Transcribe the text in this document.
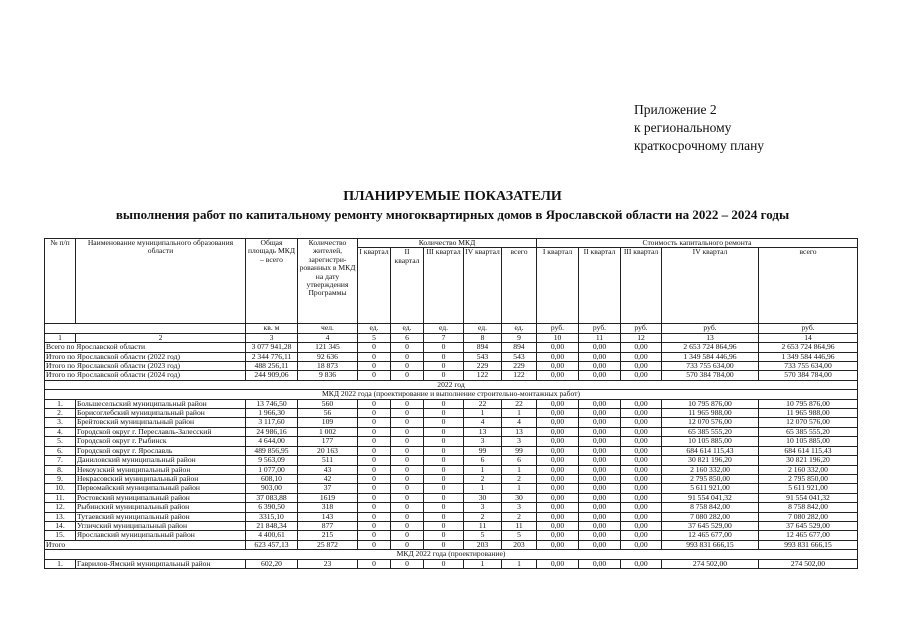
Приложение 2
к региональному
краткосрочному плану
ПЛАНИРУЕМЫЕ ПОКАЗАТЕЛИ
выполнения работ по капитальному ремонту многоквартирных домов в Ярославской области на 2022 – 2024 годы
№ п/п	Наименование муниципального образования области	Общая площадь МКД – всего	Количество жителей, зарегистри-рованных в МКД на дату утверждения Программы	Количество МКД					Стоимость капитального ремонта				
				I квартал	II квартал	III квартал	IV квартал	всего	I квартал	II квартал	III квартал	IV квартал	всего
		кв. м	чел.	ед.	ед.	ед.	ед.	ед.	руб.	руб.	руб.	руб.	руб.
1	2	3	4	5	6	7	8	9	10	11	12	13	14
Всего по Ярославской области		3 077 941,28	121 345	0	0	0	894	894	0,00	0,00	0,00	2 653 724 864,96	2 653 724 864,96
Итого по Ярославской области (2022 год)		2 344 776,11	92 636	0	0	0	543	543	0,00	0,00	0,00	1 349 584 446,96	1 349 584 446,96
Итого по Ярославской области (2023 год)		488 256,11	18 873	0	0	0	229	229	0,00	0,00	0,00	733 755 634,00	733 755 634,00
Итого по Ярославской области (2024 год)		244 909,06	9 836	0	0	0	122	122	0,00	0,00	0,00	570 384 784,00	570 384 784,00
2022 год													
МКД 2022 года (проектирование и выполнение строительно-монтажных работ)													
1.	Большесельский муниципальный район	13 746,50	560	0	0	0	22	22	0,00	0,00	0,00	10 795 876,00	10 795 876,00
2.	Борисоглебский муниципальный район	1 966,30	56	0	0	0	1	1	0,00	0,00	0,00	11 965 988,00	11 965 988,00
3.	Брейтовский муниципальный район	3 117,60	109	0	0	0	4	4	0,00	0,00	0,00	12 070 576,00	12 070 576,00
4.	Городской округ г. Переславль-Залесский	24 986,16	1 002	0	0	0	13	13	0,00	0,00	0,00	65 385 555,20	65 385 555,20
5.	Городской округ г. Рыбинск	4 644,00	177	0	0	0	3	3	0,00	0,00	0,00	10 105 885,00	10 105 885,00
6.	Городской округ г. Ярославль	489 856,95	20 163	0	0	0	99	99	0,00	0,00	0,00	684 614 115,43	684 614 115,43
7.	Даниловский муниципальный район	9 563,09	511	0	0	0	6	6	0,00	0,00	0,00	30 821 196,20	30 821 196,20
8.	Некоузский муниципальный район	1 077,00	43	0	0	0	1	1	0,00	0,00	0,00	2 160 332,00	2 160 332,00
9.	Некрасовский муниципальный район	608,10	42	0	0	0	2	2	0,00	0,00	0,00	2 795 850,00	2 795 850,00
10.	Первомайский муниципальный район	903,00	37	0	0	0	1	1	0,00	0,00	0,00	5 611 921,00	5 611 921,00
11.	Ростовский муниципальный район	37 083,88	1619	0	0	0	30	30	0,00	0,00	0,00	91 554 041,32	91 554 041,32
12.	Рыбинский муниципальный район	6 390,50	318	0	0	0	3	3	0,00	0,00	0,00	8 758 842,00	8 758 842,00
13.	Тутаевский муниципальный район	3315,10	143	0	0	0	2	2	0,00	0,00	0,00	7 080 282,00	7 080 282,00
14.	Угличский муниципальный район	21 848,34	877	0	0	0	11	11	0,00	0,00	0,00	37 645 529,00	37 645 529,00
15.	Ярославский муниципальный район	4 400,61	215	0	0	0	5	5	0,00	0,00	0,00	12 465 677,00	12 465 677,00
Итого		623 457,13	25 872	0	0	0	203	203	0,00	0,00	0,00	993 831 666,15	993 831 666,15
МКД 2022 года (проектирование)													
1.	Гаврилов-Ямский муниципальный район	602,20	23	0	0	0	1	1	0,00	0,00	0,00	274 502,00	274 502,00
